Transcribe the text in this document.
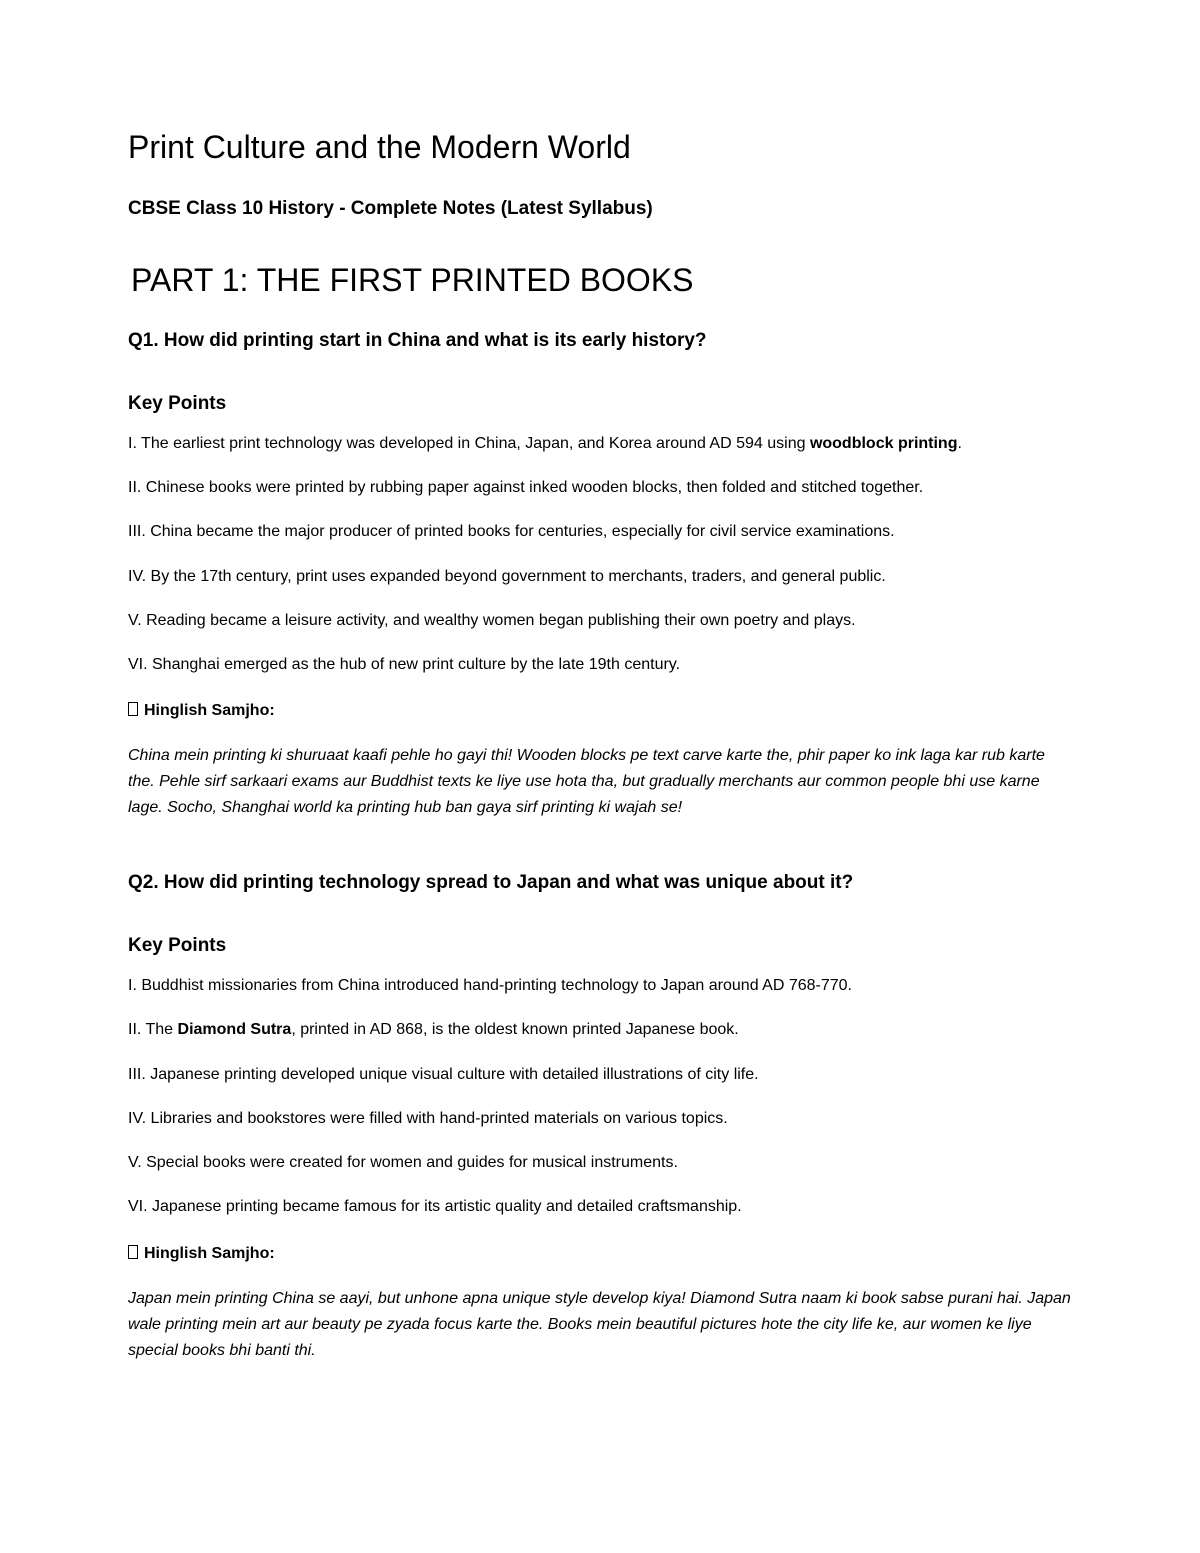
Print Culture and the Modern World

CBSE Class 10 History - Complete Notes (Latest Syllabus)

PART 1: THE FIRST PRINTED BOOKS

Q1. How did printing start in China and what is its early history?

Key Points

I. The earliest print technology was developed in China, Japan, and Korea around AD 594 using woodblock printing.

II. Chinese books were printed by rubbing paper against inked wooden blocks, then folded and stitched together.

III. China became the major producer of printed books for centuries, especially for civil service examinations.

IV. By the 17th century, print uses expanded beyond government to merchants, traders, and general public.

V. Reading became a leisure activity, and wealthy women began publishing their own poetry and plays.

VI. Shanghai emerged as the hub of new print culture by the late 19th century.

Hinglish Samjho:

China mein printing ki shuruaat kaafi pehle ho gayi thi! Wooden blocks pe text carve karte the, phir paper ko ink laga kar rub karte the. Pehle sirf sarkaari exams aur Buddhist texts ke liye use hota tha, but gradually merchants aur common people bhi use karne lage. Socho, Shanghai world ka printing hub ban gaya sirf printing ki wajah se!

Q2. How did printing technology spread to Japan and what was unique about it?

Key Points

I. Buddhist missionaries from China introduced hand-printing technology to Japan around AD 768-770.

II. The Diamond Sutra, printed in AD 868, is the oldest known printed Japanese book.

III. Japanese printing developed unique visual culture with detailed illustrations of city life.

IV. Libraries and bookstores were filled with hand-printed materials on various topics.

V. Special books were created for women and guides for musical instruments.

VI. Japanese printing became famous for its artistic quality and detailed craftsmanship.

Hinglish Samjho:

Japan mein printing China se aayi, but unhone apna unique style develop kiya! Diamond Sutra naam ki book sabse purani hai. Japan wale printing mein art aur beauty pe zyada focus karte the. Books mein beautiful pictures hote the city life ke, aur women ke liye special books bhi banti thi.
